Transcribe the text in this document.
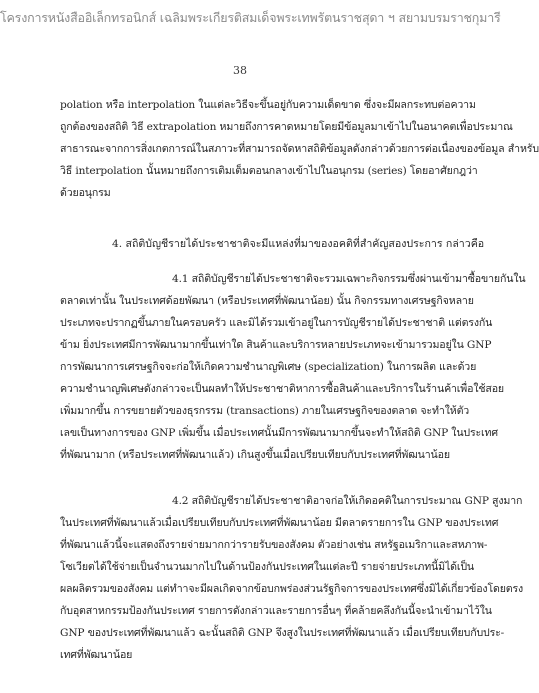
โครงการหนังสืออิเล็กทรอนิกส์ เฉลิมพระเกียรติสมเด็จพระเทพรัตนราชสุดา ฯ สยามบรมราชกุมารี
38
polation หรือ interpolation ในแต่ละวิธีจะขึ้นอยู่กับความเด็ดขาด ซึ่งจะมีผลกระทบต่อความ
ถูกต้องของสถิติ วิธี extrapolation หมายถึงการคาดหมายโดยมีข้อมูลมาเข้าไปในอนาคตเพื่อประมาณ
สาธารณะจากการสิ่งเกตการณ์ในสภาวะที่สามารถจัดหาสถิติข้อมูลดังกล่าวด้วยการต่อเนื่องของข้อมูล สำหรับ
วิธี interpolation นั้นหมายถึงการเติมเต็มตอนกลางเข้าไปในอนุกรม (series) โดยอาศัยกฎว่า
ด้วยอนุกรม
4. สถิติบัญชีรายได้ประชาชาติจะมีแหล่งที่มาของอคติที่สำคัญสองประการ กล่าวคือ
4.1 สถิติบัญชีรายได้ประชาชาติจะรวมเฉพาะกิจกรรมซึ่งผ่านเข้ามาซื้อขายกันใน
ตลาดเท่านั้น ในประเทศด้อยพัฒนา (หรือประเทศที่พัฒนาน้อย) นั้น กิจกรรมทางเศรษฐกิจหลาย
ประเภทจะปรากฏขึ้นภายในครอบครัว และมิได้รวมเข้าอยู่ในการบัญชีรายได้ประชาชาติ แต่ตรงกัน
ข้าม ยิ่งประเทศมีการพัฒนามากขึ้นเท่าใด สินค้าและบริการหลายประเภทจะเข้ามารวมอยู่ใน GNP
การพัฒนาการเศรษฐกิจจะก่อให้เกิดความชำนาญพิเศษ (specialization) ในการผลิต และด้วย
ความชำนาญพิเศษดังกล่าวจะเป็นผลทำให้ประชาชาติหาการซื้อสินค้าและบริการในร้านค้าเพื่อใช้สอย
เพิ่มมากขึ้น การขยายตัวของธุรกรรม (transactions) ภายในเศรษฐกิจของตลาด จะทำให้ตัว
เลขเป็นทางการของ GNP เพิ่มขึ้น เมื่อประเทศนั้นมีการพัฒนามากขึ้นจะทำให้สถิติ GNP ในประเทศ
ที่พัฒนามาก (หรือประเทศที่พัฒนาแล้ว) เกินสูงขึ้นเมื่อเปรียบเทียบกับประเทศที่พัฒนาน้อย
4.2 สถิติบัญชีรายได้ประชาชาติอาจก่อให้เกิดอคติในการประมาณ GNP สูงมาก
ในประเทศที่พัฒนาแล้วเมื่อเปรียบเทียบกับประเทศที่พัฒนาน้อย มีตลาดรายการใน GNP ของประเทศ
ที่พัฒนาแล้วนี้จะแสดงถึงรายจ่ายมากกว่ารายรับของสังคม ตัวอย่างเช่น สหรัฐอเมริกาและสหภาพ-
โซเวียตได้ใช้จ่ายเป็นจำนวนมากไปในด้านป้องกันประเทศในแต่ละปี รายจ่ายประเภทนี้มิได้เป็น
ผลผลิตรวมของสังคม แต่ทำาจะมีผลเกิดจากข้อบกพร่องส่วนรัฐกิจการของประเทศซึ่งมิได้เกี่ยวข้องโดยตรง
กับอุตสาหกรรมป้องกันประเทศ รายการดังกล่าวและรายการอื่นๆ ที่คล้ายคลึงกันนี้จะนำเข้ามาไว้ใน
GNP ของประเทศที่พัฒนาแล้ว ฉะนั้นสถิติ GNP จึงสูงในประเทศที่พัฒนาแล้ว เมื่อเปรียบเทียบกับประ-
เทศที่พัฒนาน้อย
